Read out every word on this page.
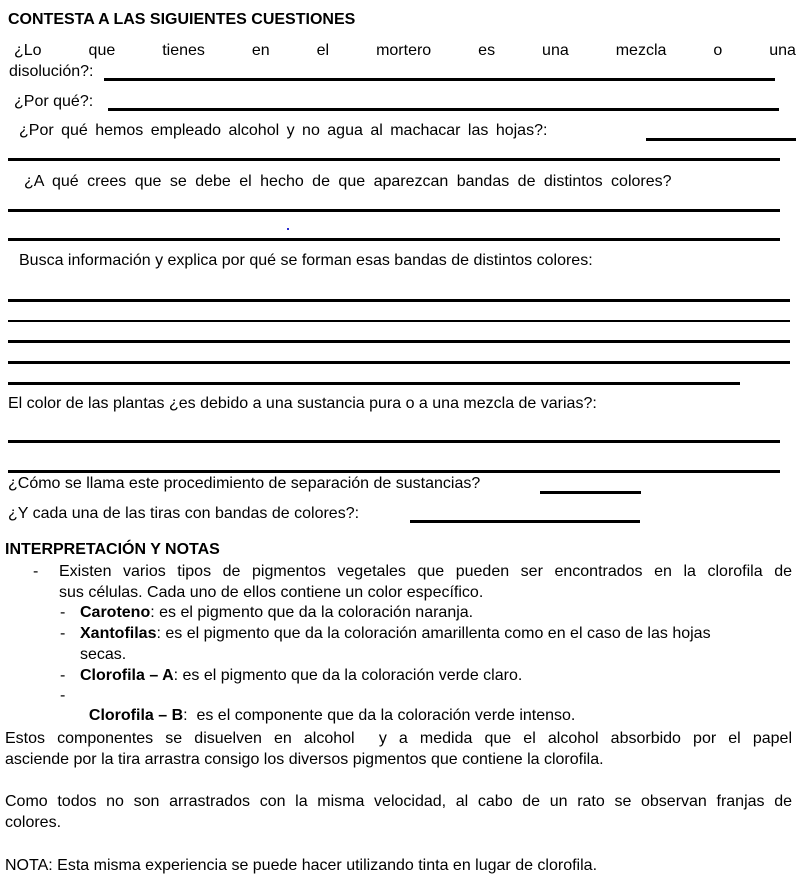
CONTESTA A LAS SIGUIENTES CUESTIONES
¿Lo	que	tienes	en	el	mortero	es	una	mezcla	o	una
disolución?:
¿Por qué?:
¿Por qué hemos empleado alcohol y no agua al machacar las hojas?:
¿A qué crees que se debe el hecho de que aparezcan bandas de distintos colores?
Busca información y explica por qué se forman esas bandas de distintos colores:
El color de las plantas ¿es debido a una sustancia pura o a una mezcla de varias?:
¿Cómo se llama este procedimiento de separación de sustancias?
¿Y cada una de las tiras con bandas de colores?:
INTERPRETACIÓN Y NOTAS
- Existen varios tipos de pigmentos vegetales que pueden ser encontrados en la clorofila de
sus células. Cada uno de ellos contiene un color específico.
- Caroteno: es el pigmento que da la coloración naranja.
- Xantofilas: es el pigmento que da la coloración amarillenta como en el caso de las hojas
secas.
- Clorofila – A: es el pigmento que da la coloración verde claro.
-

Clorofila – B:  es el componente que da la coloración verde intenso.

Estos componentes se disuelven en alcohol  y a medida que el alcohol absorbido por el papel
asciende por la tira arrastra consigo los diversos pigmentos que contiene la clorofila.
Como todos no son arrastrados con la misma velocidad, al cabo de un rato se observan franjas de
colores.
NOTA: Esta misma experiencia se puede hacer utilizando tinta en lugar de clorofila.
